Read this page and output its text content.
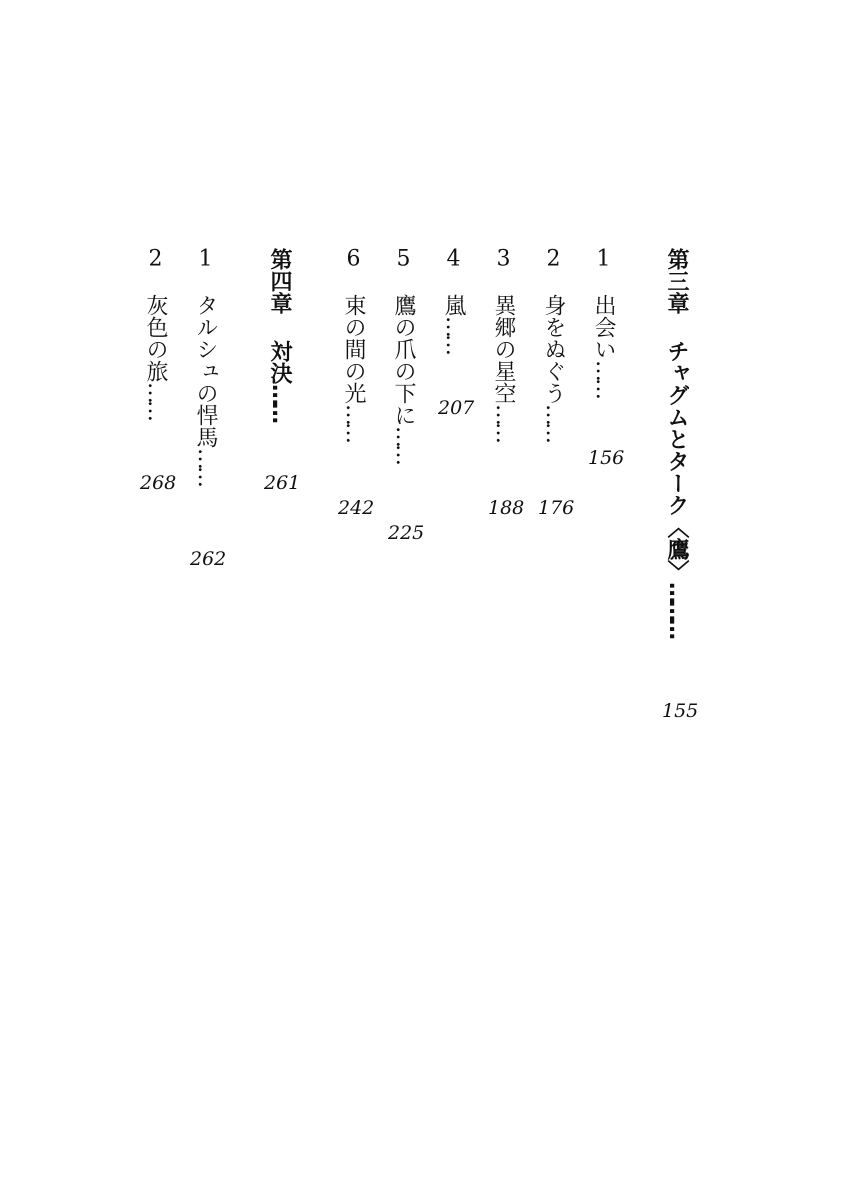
第三章チャグムとターク〈鷹〉………
155
1出会い……
156
2身をぬぐう……
176
3異郷の星空……
188
4嵐……
207
5鷹の爪の下に……
225
6束の間の光……
242
第四章対決……
261
1タルシュの悍馬……
262
2灰色の旅……
268
